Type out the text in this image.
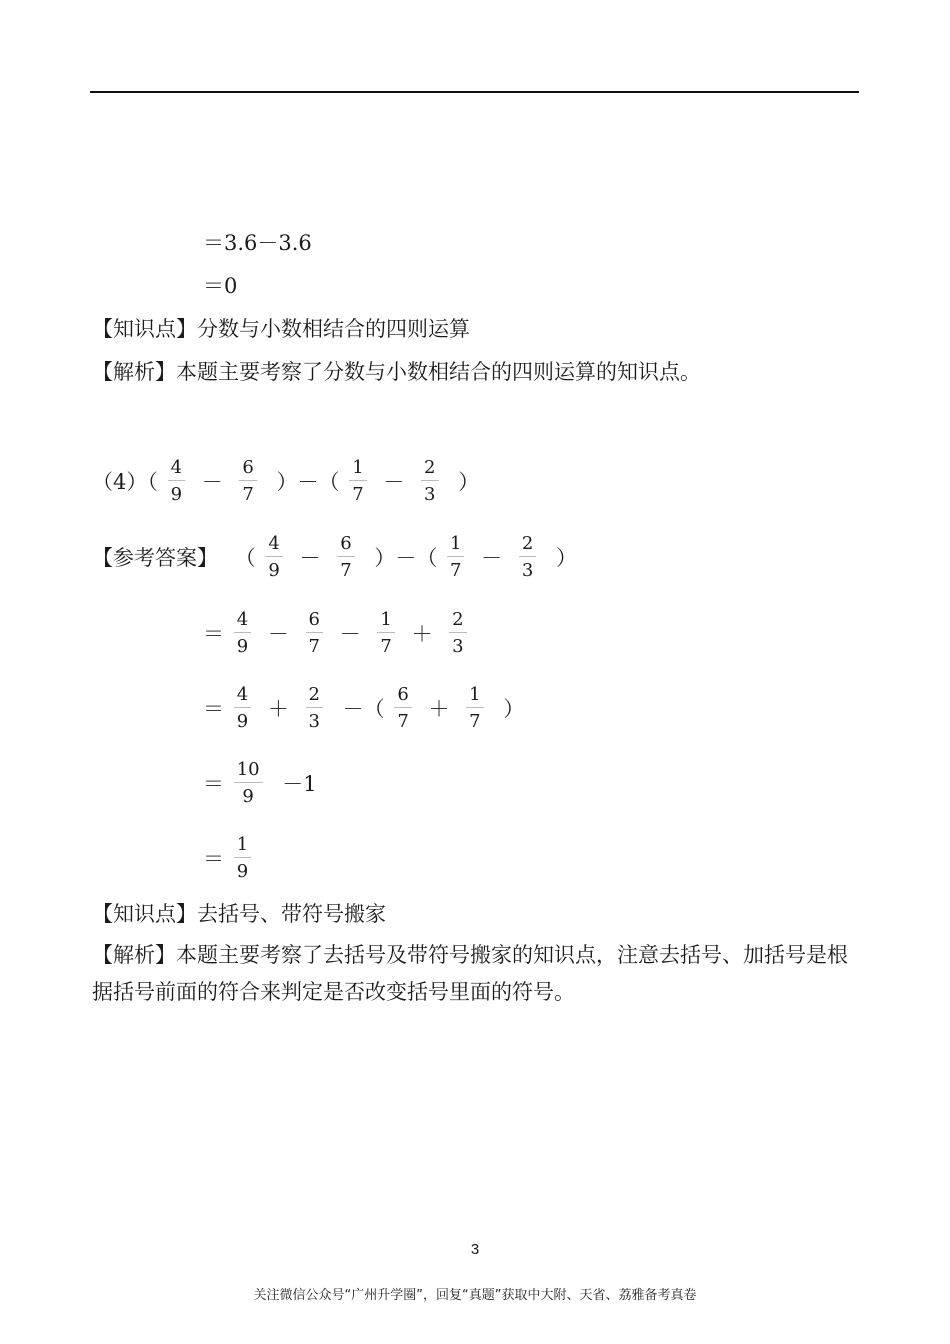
＝3.6－3.6
＝0
【知识点】分数与小数相结合的四则运算
【解析】本题主要考察了分数与小数相结合的四则运算的知识点。
$(4)( \frac{4}{9} - \frac{6}{7}$ ）－（ $\frac{1}{7} - \frac{2}{3}$ ）
【参考答案】 （ $\frac{4}{9} - \frac{6}{7}$ ）－（ $\frac{1}{7} - \frac{2}{3}$ ）
＝ $\frac{4}{9} - \frac{6}{7} - \frac{1}{7} + \frac{2}{3}$
＝ $\frac{4}{9} + \frac{2}{3}$ －（ $\frac{6}{7} + \frac{1}{7}$ ）
＝ $\frac{10}{9} -1$
＝ $\frac{1}{9}$
【知识点】去括号、带符号搬家
【解析】本题主要考察了去括号及带符号搬家的知识点，注意去括号、加括号是根据括号前面的符合来判定是否改变括号里面的符号。
3
关注微信公众号“广州升学圈”，回复“真题”获取中大附、天省、荔雅备考真卷
